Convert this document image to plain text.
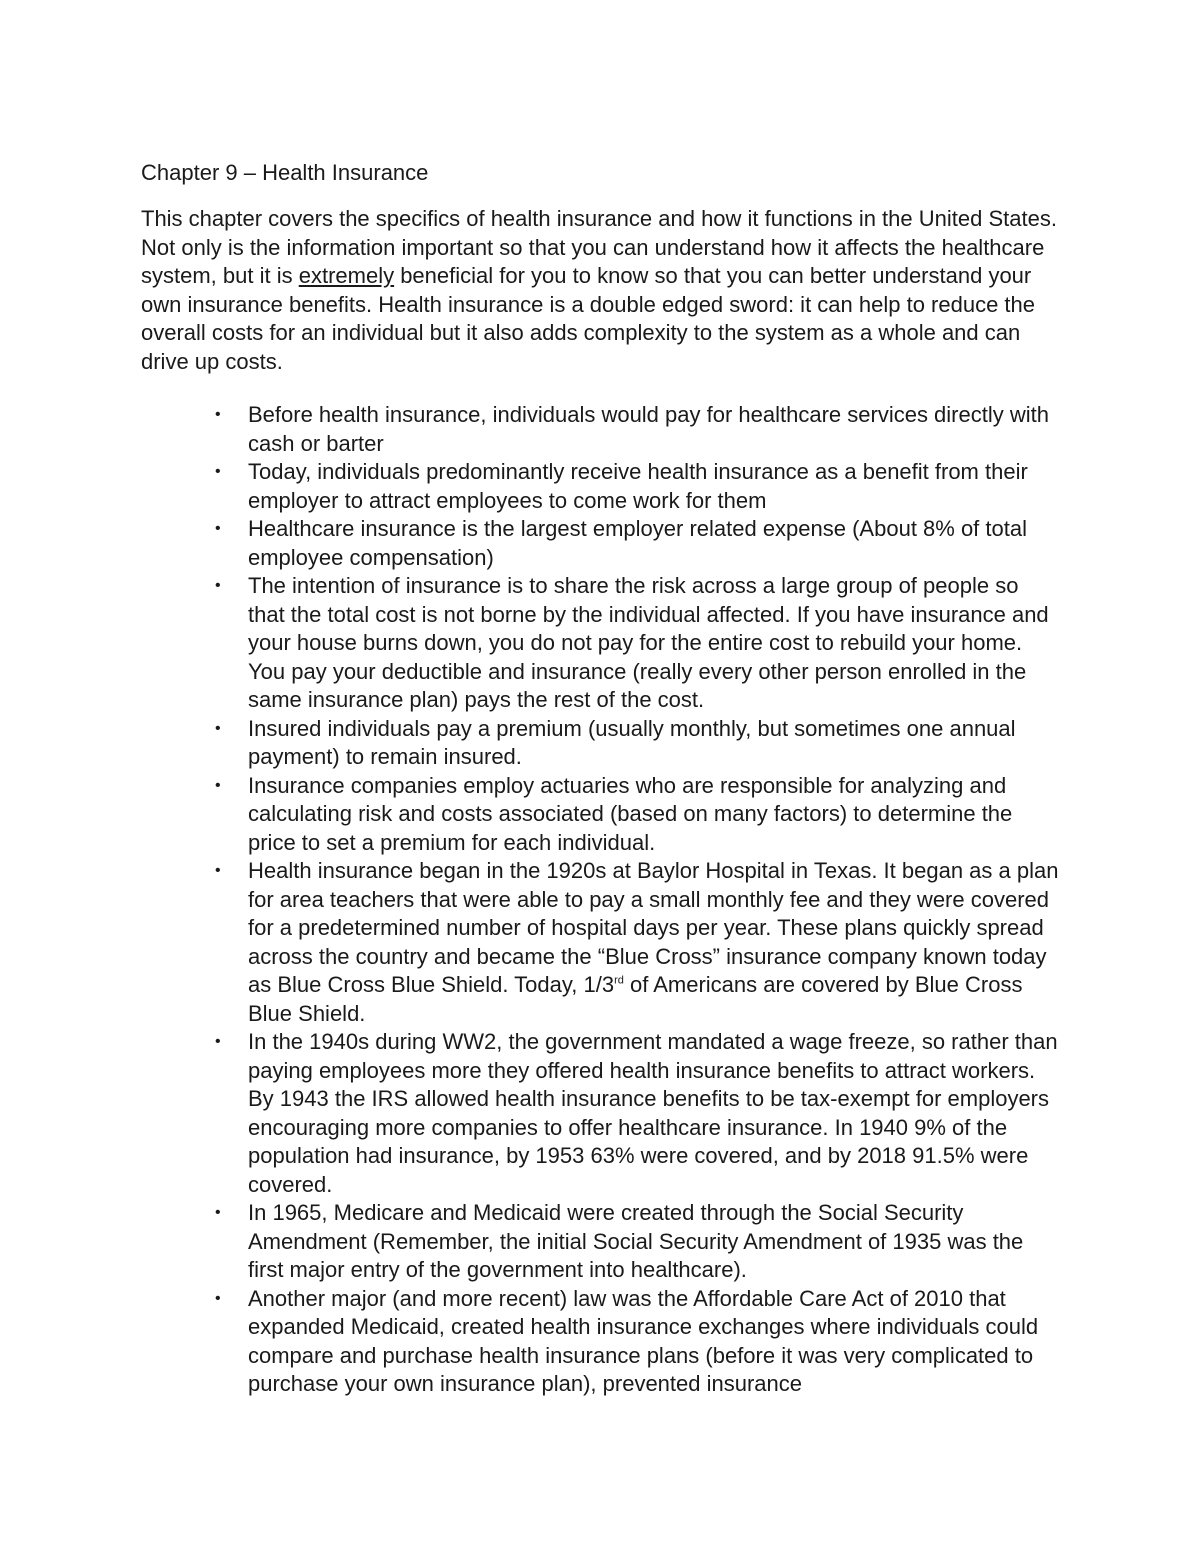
Chapter 9 – Health Insurance

This chapter covers the specifics of health insurance and how it functions in the United States. Not only is the information important so that you can understand how it affects the healthcare system, but it is extremely beneficial for you to know so that you can better understand your own insurance benefits. Health insurance is a double edged sword: it can help to reduce the overall costs for an individual but it also adds complexity to the system as a whole and can drive up costs.

• Before health insurance, individuals would pay for healthcare services directly with cash or barter
• Today, individuals predominantly receive health insurance as a benefit from their employer to attract employees to come work for them
• Healthcare insurance is the largest employer related expense (About 8% of total employee compensation)
• The intention of insurance is to share the risk across a large group of people so that the total cost is not borne by the individual affected. If you have insurance and your house burns down, you do not pay for the entire cost to rebuild your home. You pay your deductible and insurance (really every other person enrolled in the same insurance plan) pays the rest of the cost.
• Insured individuals pay a premium (usually monthly, but sometimes one annual payment) to remain insured.
• Insurance companies employ actuaries who are responsible for analyzing and calculating risk and costs associated (based on many factors) to determine the price to set a premium for each individual.
• Health insurance began in the 1920s at Baylor Hospital in Texas. It began as a plan for area teachers that were able to pay a small monthly fee and they were covered for a predetermined number of hospital days per year. These plans quickly spread across the country and became the “Blue Cross” insurance company known today as Blue Cross Blue Shield. Today, 1/3rd of Americans are covered by Blue Cross Blue Shield.
• In the 1940s during WW2, the government mandated a wage freeze, so rather than paying employees more they offered health insurance benefits to attract workers. By 1943 the IRS allowed health insurance benefits to be tax-exempt for employers encouraging more companies to offer healthcare insurance. In 1940 9% of the population had insurance, by 1953 63% were covered, and by 2018 91.5% were covered.
• In 1965, Medicare and Medicaid were created through the Social Security Amendment (Remember, the initial Social Security Amendment of 1935 was the first major entry of the government into healthcare).
• Another major (and more recent) law was the Affordable Care Act of 2010 that expanded Medicaid, created health insurance exchanges where individuals could compare and purchase health insurance plans (before it was very complicated to purchase your own insurance plan), prevented insurance
